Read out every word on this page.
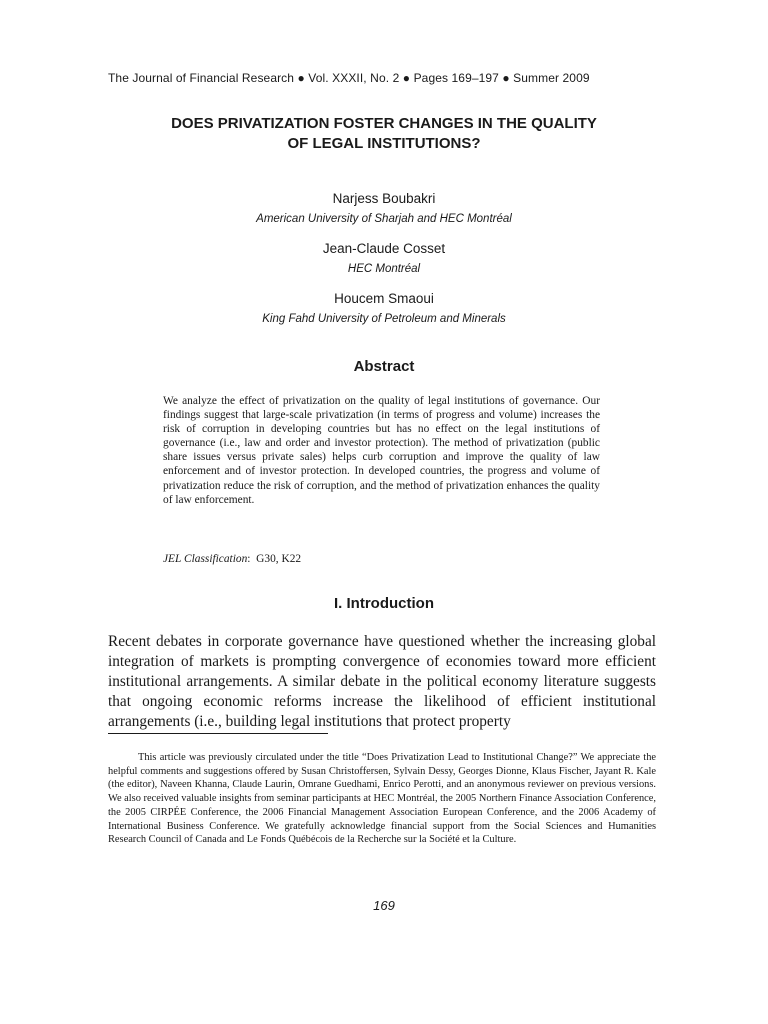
The Journal of Financial Research ● Vol. XXXII, No. 2 ● Pages 169–197 ● Summer 2009
DOES PRIVATIZATION FOSTER CHANGES IN THE QUALITY
OF LEGAL INSTITUTIONS?
Narjess Boubakri
American University of Sharjah and HEC Montréal
Jean-Claude Cosset
HEC Montréal
Houcem Smaoui
King Fahd University of Petroleum and Minerals
Abstract

We analyze the effect of privatization on the quality of legal institutions of governance. Our findings suggest that large-scale privatization (in terms of progress and volume) increases the risk of corruption in developing countries but has no effect on the legal institutions of governance (i.e., law and order and investor protection). The method of privatization (public share issues versus private sales) helps curb corruption and improve the quality of law enforcement and of investor protection. In developed countries, the progress and volume of privatization reduce the risk of corruption, and the method of privatization enhances the quality of law enforcement.

JEL Classification:  G30, K22
I. Introduction

Recent debates in corporate governance have questioned whether the increasing global integration of markets is prompting convergence of economies toward more efficient institutional arrangements. A similar debate in the political economy literature suggests that ongoing economic reforms increase the likelihood of efficient institutional arrangements (i.e., building legal institutions that protect property

This article was previously circulated under the title “Does Privatization Lead to Institutional Change?” We appreciate the helpful comments and suggestions offered by Susan Christoffersen, Sylvain Dessy, Georges Dionne, Klaus Fischer, Jayant R. Kale (the editor), Naveen Khanna, Claude Laurin, Omrane Guedhami, Enrico Perotti, and an anonymous reviewer on previous versions. We also received valuable insights from seminar participants at HEC Montréal, the 2005 Northern Finance Association Conference, the 2005 CIRPÉE Conference, the 2006 Financial Management Association European Conference, and the 2006 Academy of International Business Conference. We gratefully acknowledge financial support from the Social Sciences and Humanities Research Council of Canada and Le Fonds Québécois de la Recherche sur la Société et la Culture.

169
